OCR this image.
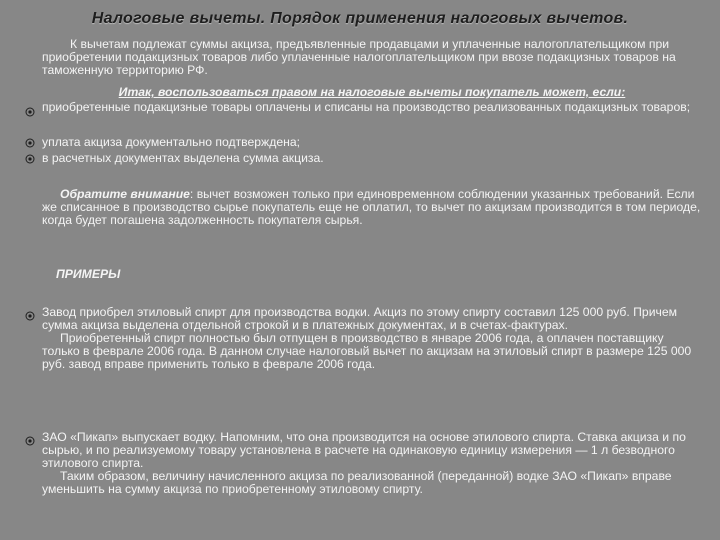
Налоговые вычеты. Порядок применения налоговых вычетов.
К вычетам подлежат суммы акциза, предъявленные продавцами и уплаченные налогоплательщиком при приобретении подакцизных товаров либо уплаченные налогоплательщиком при ввозе подакцизных товаров на таможенную территорию РФ.
Итак, воспользоваться правом на налоговые вычеты покупатель может, если:
приобретенные подакцизные товары оплачены и списаны на производство реализованных подакцизных товаров;
уплата акциза документально подтверждена;
в расчетных документах выделена сумма акциза.
Обратите внимание: вычет возможен только при единовременном соблюдении указанных требований. Если же списанное в производство сырье покупатель еще не оплатил, то вычет по акцизам производится в том периоде, когда будет погашена задолженность покупателя сырья.
ПРИМЕРЫ
Завод приобрел этиловый спирт для производства водки. Акциз по этому спирту составил 125 000 руб. Причем сумма акциза выделена отдельной строкой и в платежных документах, и в счетах-фактурах.
Приобретенный спирт полностью был отпущен в производство в январе 2006 года, а оплачен поставщику только в феврале 2006 года. В данном случае налоговый вычет по акцизам на этиловый спирт в размере 125 000 руб. завод вправе применить только в феврале 2006 года.
ЗАО «Пикап» выпускает водку. Напомним, что она производится на основе этилового спирта. Ставка акциза и по сырью, и по реализуемому товару установлена в расчете на одинаковую единицу измерения — 1 л безводного этилового спирта.
Таким образом, величину начисленного акциза по реализованной (переданной) водке ЗАО «Пикап» вправе уменьшить на сумму акциза по приобретенному этиловому спирту.
